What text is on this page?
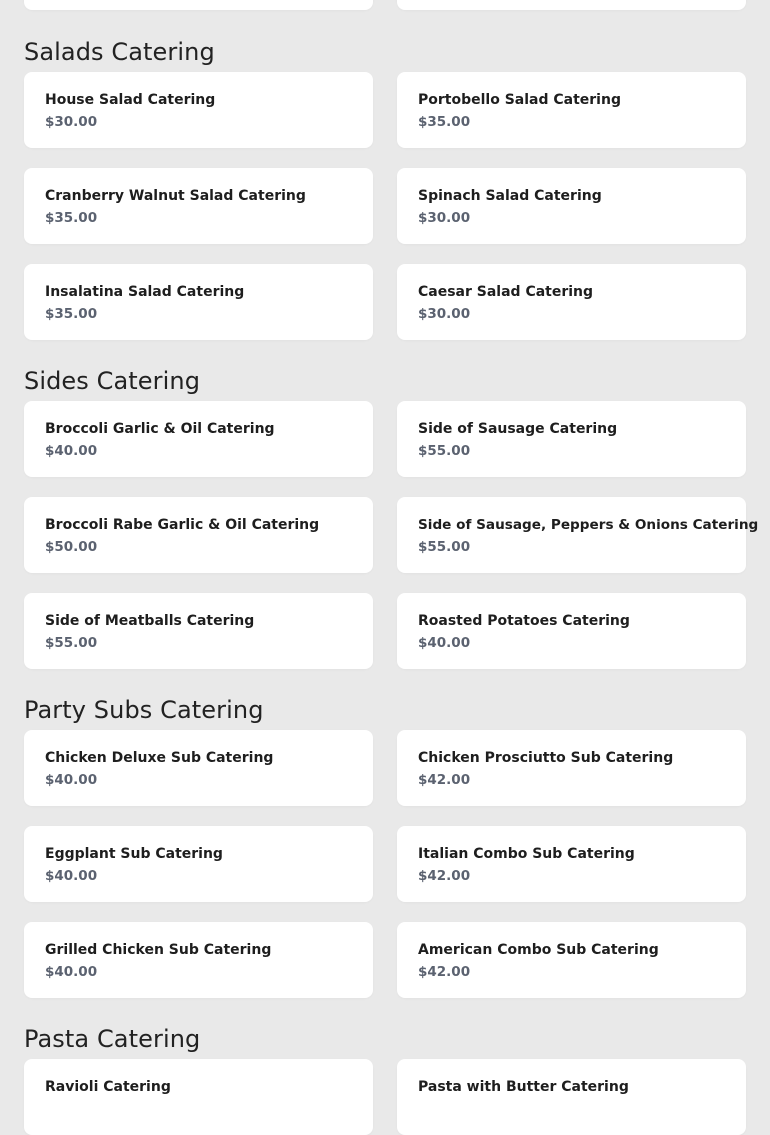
Salads Catering
House Salad Catering
$30.00
Portobello Salad Catering
$35.00
Cranberry Walnut Salad Catering
$35.00
Spinach Salad Catering
$30.00
Insalatina Salad Catering
$35.00
Caesar Salad Catering
$30.00
Sides Catering
Broccoli Garlic & Oil Catering
$40.00
Side of Sausage Catering
$55.00
Broccoli Rabe Garlic & Oil Catering
$50.00
Side of Sausage, Peppers & Onions Catering
$55.00
Side of Meatballs Catering
$55.00
Roasted Potatoes Catering
$40.00
Party Subs Catering
Chicken Deluxe Sub Catering
$40.00
Chicken Prosciutto Sub Catering
$42.00
Eggplant Sub Catering
$40.00
Italian Combo Sub Catering
$42.00
Grilled Chicken Sub Catering
$40.00
American Combo Sub Catering
$42.00
Pasta Catering
Ravioli Catering	Pasta with Butter Catering
